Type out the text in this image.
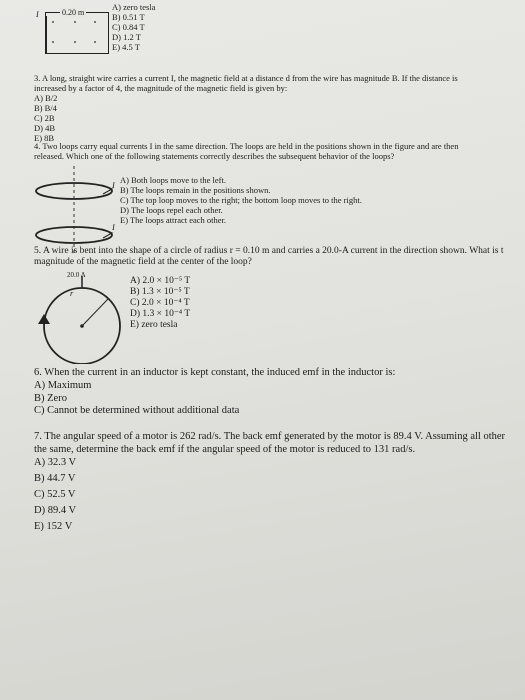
I	0.20 m
A) zero tesla
B) 0.51 T
C) 0.84 T
D) 1.2 T
E) 4.5 T
3. A long, straight wire carries a current I, the magnetic field at a distance d from the wire has magnitude B. If the distance is
increased by a factor of 4, the magnitude of the magnetic field is given by:
A) B/2
B) B/4
C) 2B
D) 4B
E) 8B
4. Two loops carry equal currents I in the same direction. The loops are held in the positions shown in the figure and are then
released. Which one of the following statements correctly describes the subsequent behavior of the loops?
I
I
A) Both loops move to the left.
B) The loops remain in the positions shown.
C) The top loop moves to the right; the bottom loop moves to the right.
D) The loops repel each other.
E) The loops attract each other.
5. A wire is bent into the shape of a circle of radius r = 0.10 m and carries a 20.0-A current in the direction shown. What is t
magnitude of the magnetic field at the center of the loop?
20.0 A
r
A) 2.0 × 10⁻⁵ T
B) 1.3 × 10⁻⁵ T
C) 2.0 × 10⁻⁴ T
D) 1.3 × 10⁻⁴ T
E) zero tesla
6. When the current in an inductor is kept constant, the induced emf in the inductor is:
A) Maximum
B) Zero
C) Cannot be determined without additional data
7. The angular speed of a motor is 262 rad/s. The back emf generated by the motor is 89.4 V. Assuming all other
the same, determine the back emf if the angular speed of the motor is reduced to 131 rad/s.
A) 32.3 V
B) 44.7 V
C) 52.5 V
D) 89.4 V
E) 152 V
